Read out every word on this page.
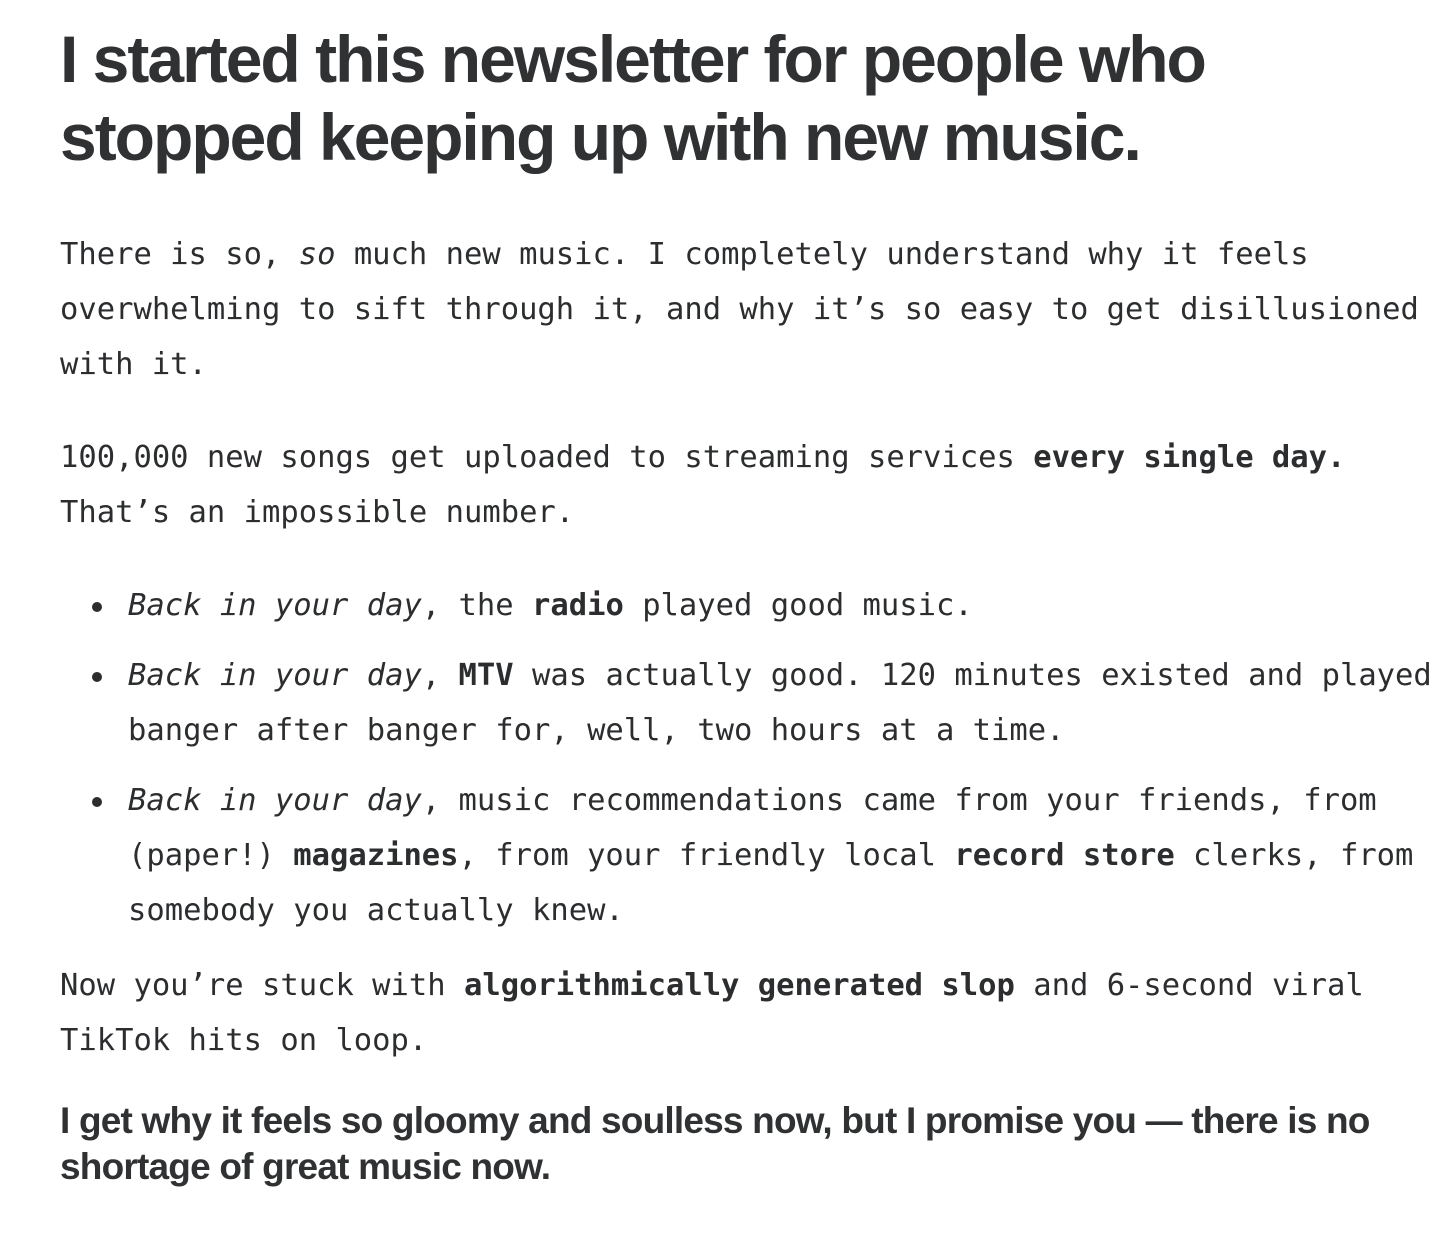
I started this newsletter for people who stopped keeping up with new music.

There is so, so much new music. I completely understand why it feels overwhelming to sift through it, and why it’s so easy to get disillusioned with it.

100,000 new songs get uploaded to streaming services every single day. That’s an impossible number.

Back in your day, the radio played good music.
Back in your day, MTV was actually good. 120 minutes existed and played banger after banger for, well, two hours at a time.
Back in your day, music recommendations came from your friends, from (paper!) magazines, from your friendly local record store clerks, from somebody you actually knew.

Now you’re stuck with algorithmically generated slop and 6-second viral TikTok hits on loop.

I get why it feels so gloomy and soulless now, but I promise you — there is no shortage of great music now.
